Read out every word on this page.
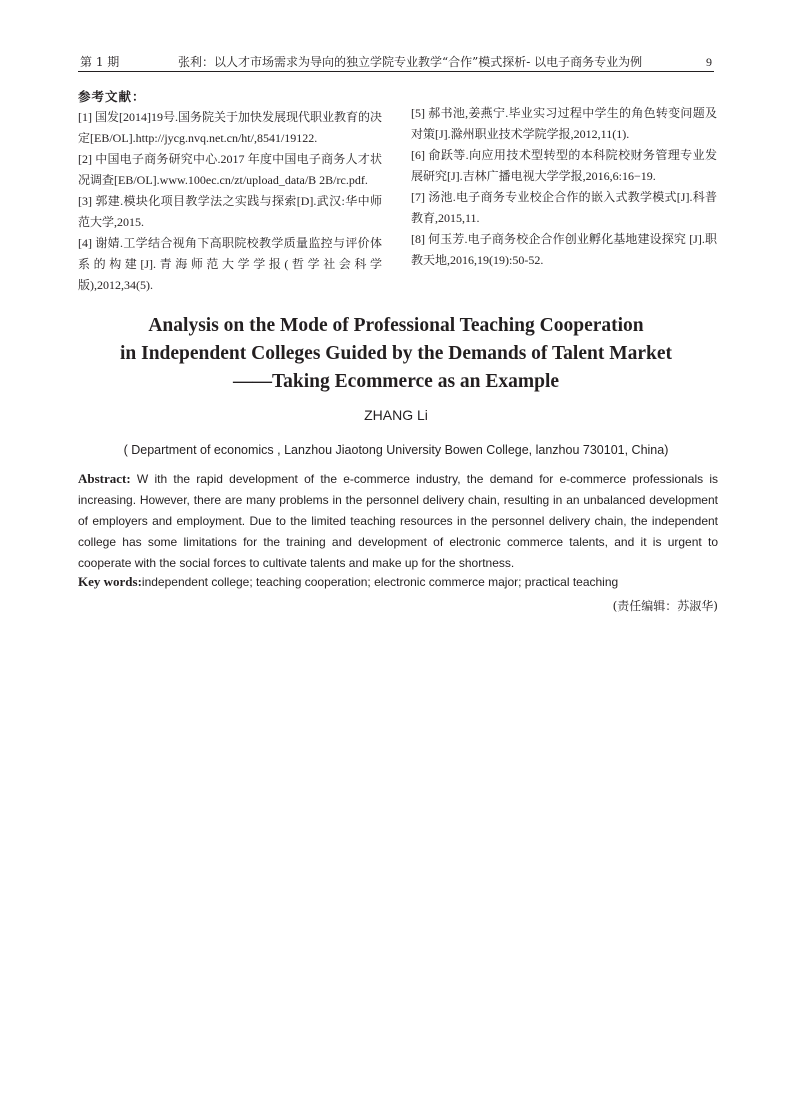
第 1 期	张利：以人才市场需求为导向的独立学院专业教学“合作”模式探析- 以电子商务专业为例	9
参考文献：

[1] 国发[2014]19号.国务院关于加快发展现代职业教育的决定[EB/OL].http://jycg.nvq.net.cn/ht/,8541/19122.

[2] 中国电子商务研究中心.2017 年度中国电子商务人才状况调查[EB/OL].www.100ec.cn/zt/upload_data/B 2B/rc.pdf.

[3] 郭建.模块化项目教学法之实践与探索[D].武汉:华中师范大学,2015.

[4] 谢婧.工学结合视角下高职院校教学质量监控与评价体系的构建[J].青海师范大学学报(哲学社会科学版),2012,34(5).

[5] 郝书池,姜燕宁.毕业实习过程中学生的角色转变问题及对策[J].滁州职业技术学院学报,2012,11(1).

[6] 俞跃等.向应用技术型转型的本科院校财务管理专业发展研究[J].吉林广播电视大学学报,2016,6:16−19.

[7] 汤池.电子商务专业校企合作的嵌入式教学模式[J].科普教育,2015,11.

[8] 何玉芳.电子商务校企合作创业孵化基地建设探究 [J].职教天地,2016,19(19):50-52.

Analysis on the Mode of Professional Teaching Cooperation
in Independent Colleges Guided by the Demands of Talent Market
——Taking Ecommerce as an Example
ZHANG Li
( Department of economics , Lanzhou Jiaotong University Bowen College, lanzhou 730101, China)

Abstract: W ith the rapid development of the e-commerce industry, the demand for e-commerce professionals is increasing. However, there are many problems in the personnel delivery chain, resulting in an unbalanced development of employers and employment. Due to the limited teaching resources in the personnel delivery chain, the independent college has some limitations for the training and development of electronic commerce talents, and it is urgent to cooperate with the social forces to cultivate talents and make up for the shortness.

Key words:independent college; teaching cooperation; electronic commerce major; practical teaching
(责任编辑：苏淑华)
